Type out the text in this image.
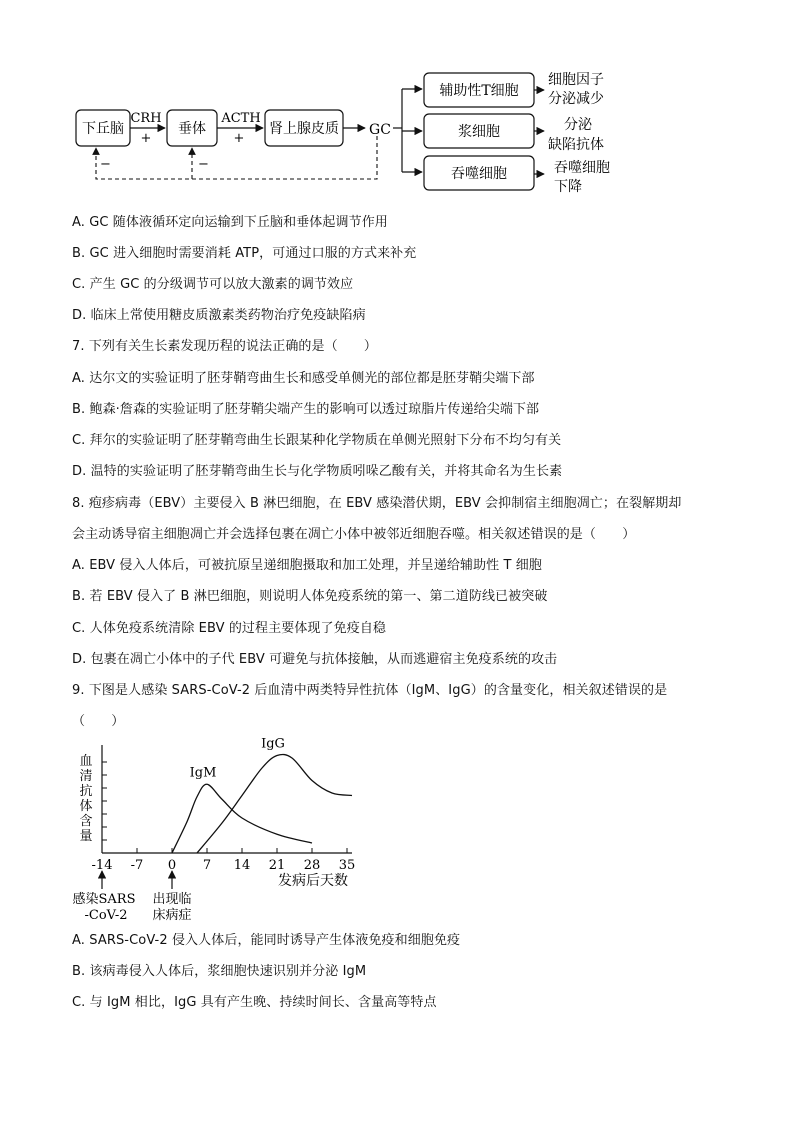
下丘脑	垂体	肾上腺皮质
CRH
+
ACTH
+
GC
辅助性T细胞
浆细胞
吞噬细胞
细胞因子
分泌减少
分泌
缺陷抗体
吞噬细胞
下降
−	−
A. GC 随体液循环定向运输到下丘脑和垂体起调节作用
B. GC 进入细胞时需要消耗 ATP，可通过口服的方式来补充
C. 产生 GC 的分级调节可以放大激素的调节效应
D. 临床上常使用糖皮质激素类药物治疗免疫缺陷病
7. 下列有关生长素发现历程的说法正确的是（　　）
A. 达尔文的实验证明了胚芽鞘弯曲生长和感受单侧光的部位都是胚芽鞘尖端下部
B. 鲍森·詹森的实验证明了胚芽鞘尖端产生的影响可以透过琼脂片传递给尖端下部
C. 拜尔的实验证明了胚芽鞘弯曲生长跟某种化学物质在单侧光照射下分布不均匀有关
D. 温特的实验证明了胚芽鞘弯曲生长与化学物质吲哚乙酸有关，并将其命名为生长素
8. 疱疹病毒（EBV）主要侵入 B 淋巴细胞，在 EBV 感染潜伏期，EBV 会抑制宿主细胞凋亡；在裂解期却
会主动诱导宿主细胞凋亡并会选择包裹在凋亡小体中被邻近细胞吞噬。相关叙述错误的是（　　）
A. EBV 侵入人体后，可被抗原呈递细胞摄取和加工处理，并呈递给辅助性 T 细胞
B. 若 EBV 侵入了 B 淋巴细胞，则说明人体免疫系统的第一、第二道防线已被突破
C. 人体免疫系统清除 EBV 的过程主要体现了免疫自稳
D. 包裹在凋亡小体中的子代 EBV 可避免与抗体接触，从而逃避宿主免疫系统的攻击
9. 下图是人感染 SARS-CoV-2 后血清中两类特异性抗体（IgM、IgG）的含量变化，相关叙述错误的是
（　　）
血
清
抗
体
含
量
-14 -7 0 7 14 21 28 35
IgM
IgG
发病后天数
感染SARS
-CoV-2
出现临
床病症
A. SARS-CoV-2 侵入人体后，能同时诱导产生体液免疫和细胞免疫
B. 该病毒侵入人体后，浆细胞快速识别并分泌 IgM
C. 与 IgM 相比，IgG 具有产生晚、持续时间长、含量高等特点
